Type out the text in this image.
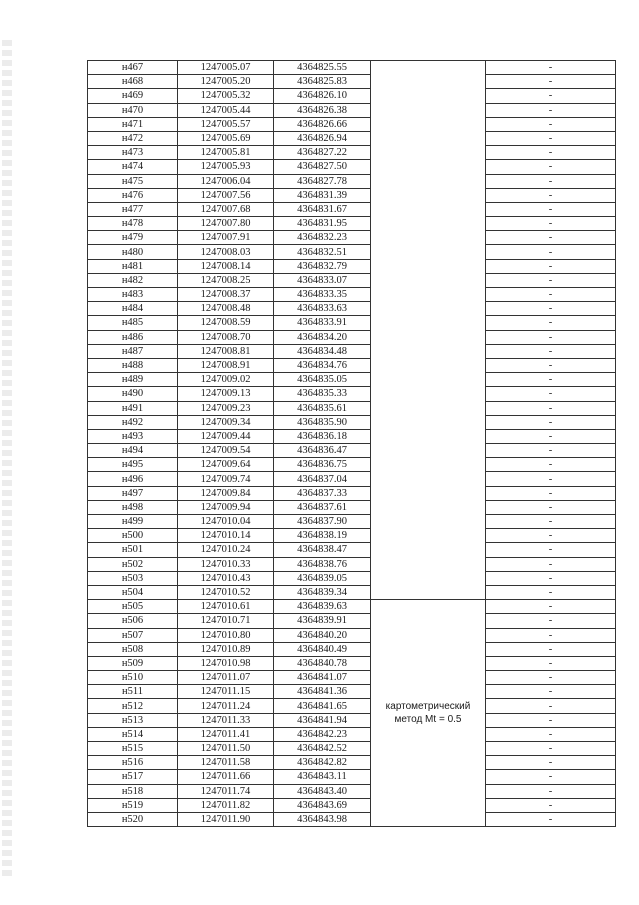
н467	1247005.07	4364825.55		-
н468	1247005.20	4364825.83		-
н469	1247005.32	4364826.10		-
н470	1247005.44	4364826.38		-
н471	1247005.57	4364826.66		-
н472	1247005.69	4364826.94		-
н473	1247005.81	4364827.22		-
н474	1247005.93	4364827.50		-
н475	1247006.04	4364827.78		-
н476	1247007.56	4364831.39		-
н477	1247007.68	4364831.67		-
н478	1247007.80	4364831.95		-
н479	1247007.91	4364832.23		-
н480	1247008.03	4364832.51		-
н481	1247008.14	4364832.79		-
н482	1247008.25	4364833.07		-
н483	1247008.37	4364833.35		-
н484	1247008.48	4364833.63		-
н485	1247008.59	4364833.91		-
н486	1247008.70	4364834.20		-
н487	1247008.81	4364834.48		-
н488	1247008.91	4364834.76		-
н489	1247009.02	4364835.05		-
н490	1247009.13	4364835.33		-
н491	1247009.23	4364835.61		-
н492	1247009.34	4364835.90		-
н493	1247009.44	4364836.18		-
н494	1247009.54	4364836.47		-
н495	1247009.64	4364836.75		-
н496	1247009.74	4364837.04		-
н497	1247009.84	4364837.33		-
н498	1247009.94	4364837.61		-
н499	1247010.04	4364837.90		-
н500	1247010.14	4364838.19		-
н501	1247010.24	4364838.47		-
н502	1247010.33	4364838.76		-
н503	1247010.43	4364839.05		-
н504	1247010.52	4364839.34		-
н505	1247010.61	4364839.63	картометрический метод Mt = 0.5	-
н506	1247010.71	4364839.91		-
н507	1247010.80	4364840.20		-
н508	1247010.89	4364840.49		-
н509	1247010.98	4364840.78		-
н510	1247011.07	4364841.07		-
н511	1247011.15	4364841.36		-
н512	1247011.24	4364841.65		-
н513	1247011.33	4364841.94		-
н514	1247011.41	4364842.23		-
н515	1247011.50	4364842.52		-
н516	1247011.58	4364842.82		-
н517	1247011.66	4364843.11		-
н518	1247011.74	4364843.40		-
н519	1247011.82	4364843.69		-
н520	1247011.90	4364843.98		-
